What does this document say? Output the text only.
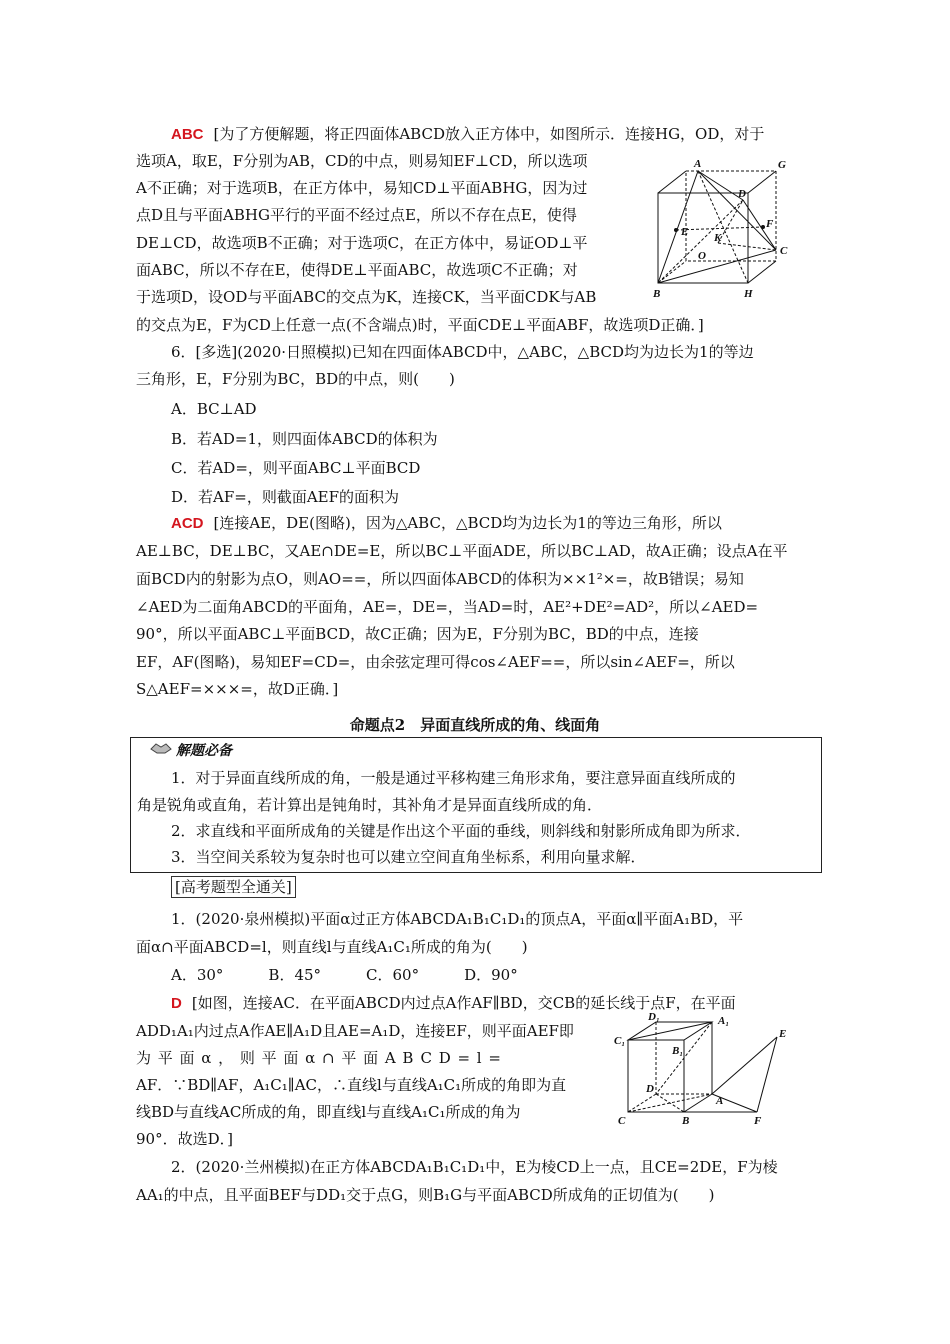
ABC [为了方便解题，将正四面体ABCD放入正方体中，如图所示．连接HG，OD，对于
选项A，取E，F分别为AB，CD的中点，则易知EF⊥CD，所以选项
A不正确；对于选项B，在正方体中，易知CD⊥平面ABHG，因为过
点D且与平面ABHG平行的平面不经过点E，所以不存在点E，使得
DE⊥CD，故选项B不正确；对于选项C，在正方体中，易证OD⊥平
面ABC，所以不存在E，使得DE⊥平面ABC，故选项C不正确；对
于选项D，设OD与平面ABC的交点为K，连接CK，当平面CDK与AB
的交点为E，F为CD上任意一点(不含端点)时，平面CDE⊥平面ABF，故选项D正确．]
A	G
D
F
E K
O	C
B	H
6．[多选](2020·日照模拟)已知在四面体ABCD中，△ABC，△BCD均为边长为1的等边
三角形，E，F分别为BC，BD的中点，则(　　)
A．BC⊥AD
B．若AD=1，则四面体ABCD的体积为
C．若AD=，则平面ABC⊥平面BCD
D．若AF=，则截面AEF的面积为
ACD [连接AE，DE(图略)，因为△ABC，△BCD均为边长为1的等边三角形，所以
AE⊥BC，DE⊥BC，又AE∩DE=E，所以BC⊥平面ADE，所以BC⊥AD，故A正确；设点A在平
面BCD内的射影为点O，则AO==，所以四面体ABCD的体积为××1²×=，故B错误；易知
∠AED为二面角ABCD的平面角，AE=，DE=，当AD=时，AE²+DE²=AD²，所以∠AED=
90°，所以平面ABC⊥平面BCD，故C正确；因为E，F分别为BC，BD的中点，连接
EF，AF(图略)，易知EF=CD=，由余弦定理可得cos∠AEF==，所以sin∠AEF=，所以
S△AEF=×××=，故D正确．]
命题点2　异面直线所成的角、线面角
解题必备
1．对于异面直线所成的角，一般是通过平移构建三角形求角，要注意异面直线所成的
角是锐角或直角，若计算出是钝角时，其补角才是异面直线所成的角．
2．求直线和平面所成角的关键是作出这个平面的垂线，则斜线和射影所成角即为所求．
3．当空间关系较为复杂时也可以建立空间直角坐标系，利用向量求解．
[高考题型全通关]
1．(2020·泉州模拟)平面α过正方体ABCDA₁B₁C₁D₁的顶点A，平面α∥平面A₁BD，平
面α∩平面ABCD=l，则直线l与直线A₁C₁所成的角为(　　)
A．30°　　　B．45°　　　C．60°　　　D．90°
D [如图，连接AC．在平面ABCD内过点A作AF∥BD，交CB的延长线于点F，在平面
ADD₁A₁内过点A作AE∥A₁D且AE=A₁D，连接EF，则平面AEF即
为平面α，则平面α∩平面ABCD=l=
AF．∵BD∥AF，A₁C₁∥AC，∴直线l与直线A₁C₁所成的角即为直
线BD与直线AC所成的角，即直线l与直线A₁C₁所成的角为
90°．故选D．]
D₁	A₁
C₁
B₁
E
D
A
C	B	F
2．(2020·兰州模拟)在正方体ABCDA₁B₁C₁D₁中，E为棱CD上一点，且CE=2DE，F为棱
AA₁的中点，且平面BEF与DD₁交于点G，则B₁G与平面ABCD所成角的正切值为(　　)
